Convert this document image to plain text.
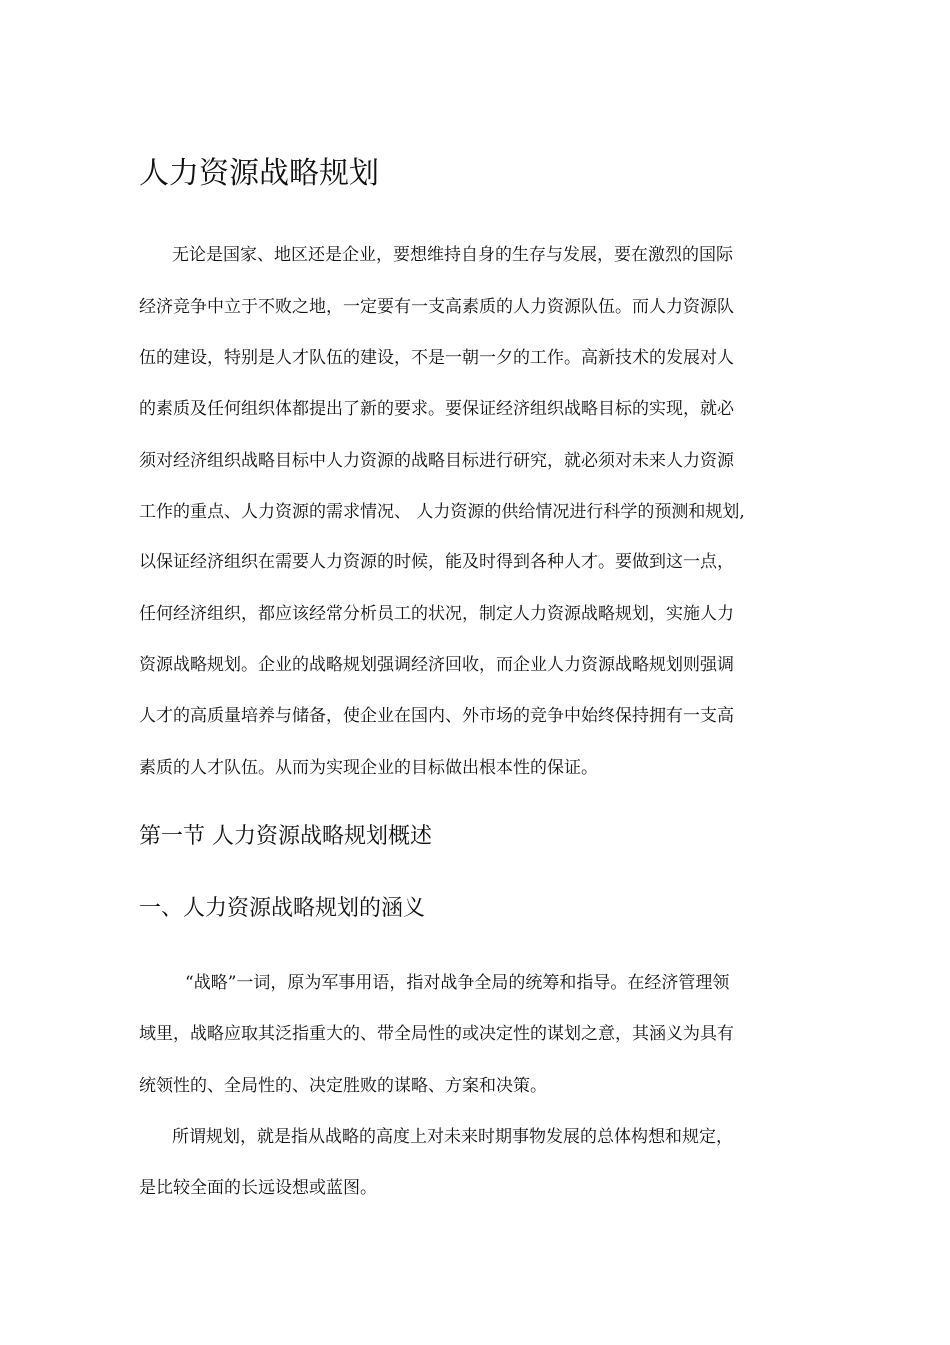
人力资源战略规划
无论是国家、地区还是企业，要想维持自身的生存与发展，要在激烈的国际
经济竞争中立于不败之地，一定要有一支高素质的人力资源队伍。而人力资源队
伍的建设，特别是人才队伍的建设，不是一朝一夕的工作。高新技术的发展对人
的素质及任何组织体都提出了新的要求。要保证经济组织战略目标的实现，就必
须对经济组织战略目标中人力资源的战略目标进行研究，就必须对未来人力资源
工作的重点、人力资源的需求情况、 人力资源的供给情况进行科学的预测和规划,
以保证经济组织在需要人力资源的时候，能及时得到各种人才。要做到这一点，
任何经济组织，都应该经常分析员工的状况，制定人力资源战略规划，实施人力
资源战略规划。企业的战略规划强调经济回收，而企业人力资源战略规划则强调
人才的高质量培养与储备，使企业在国内、外市场的竞争中始终保持拥有一支高
素质的人才队伍。从而为实现企业的目标做出根本性的保证。
第一节 人力资源战略规划概述
一、人力资源战略规划的涵义
“战略”一词，原为军事用语，指对战争全局的统筹和指导。在经济管理领
域里，战略应取其泛指重大的、带全局性的或决定性的谋划之意，其涵义为具有
统领性的、全局性的、决定胜败的谋略、方案和决策。
所谓规划，就是指从战略的高度上对未来时期事物发展的总体构想和规定，
是比较全面的长远设想或蓝图。
